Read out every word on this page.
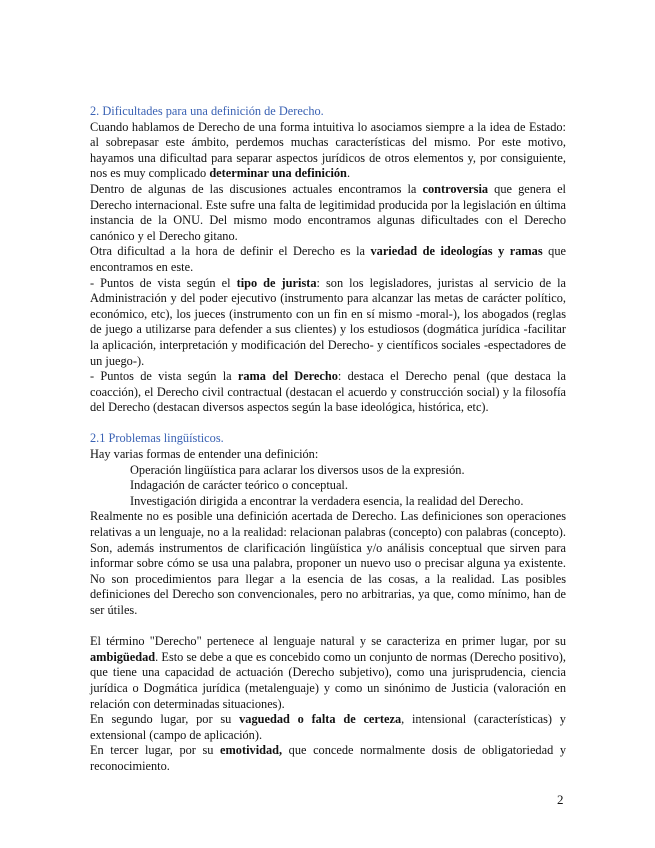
2. Dificultades para una definición de Derecho.

Cuando hablamos de Derecho de una forma intuitiva lo asociamos siempre a la idea de Estado: al sobrepasar este ámbito, perdemos muchas características del mismo. Por este motivo, hayamos una dificultad para separar aspectos jurídicos de otros elementos y, por consiguiente, nos es muy complicado determinar una definición.

Dentro de algunas de las discusiones actuales encontramos la controversia que genera el Derecho internacional. Este sufre una falta de legitimidad producida por la legislación en última instancia de la ONU. Del mismo modo encontramos algunas dificultades con el Derecho canónico y el Derecho gitano.

Otra dificultad a la hora de definir el Derecho es la variedad de ideologías y ramas que encontramos en este.

- Puntos de vista según el tipo de jurista: son los legisladores, juristas al servicio de la Administración y del poder ejecutivo (instrumento para alcanzar las metas de carácter político, económico, etc), los jueces (instrumento con un fin en sí mismo -moral-), los abogados (reglas de juego a utilizarse para defender a sus clientes) y los estudiosos (dogmática jurídica -facilitar la aplicación, interpretación y modificación del Derecho- y científicos sociales -espectadores de un juego-).

- Puntos de vista según la rama del Derecho: destaca el Derecho penal (que destaca la coacción), el Derecho civil contractual (destacan el acuerdo y construcción social) y la filosofía del Derecho (destacan diversos aspectos según la base ideológica, histórica, etc).

2.1 Problemas lingüísticos.

Hay varias formas de entender una definición:

Operación lingüística para aclarar los diversos usos de la expresión.

Indagación de carácter teórico o conceptual.

Investigación dirigida a encontrar la verdadera esencia, la realidad del Derecho.

Realmente no es posible una definición acertada de Derecho. Las definiciones son operaciones relativas a un lenguaje, no a la realidad: relacionan palabras (concepto) con palabras (concepto). Son, además instrumentos de clarificación lingüística y/o análisis conceptual que sirven para informar sobre cómo se usa una palabra, proponer un nuevo uso o precisar alguna ya existente. No son procedimientos para llegar a la esencia de las cosas, a la realidad. Las posibles definiciones del Derecho son convencionales, pero no arbitrarias, ya que, como mínimo, han de ser útiles.

El término "Derecho" pertenece al lenguaje natural y se caracteriza en primer lugar, por su ambigüedad. Esto se debe a que es concebido como un conjunto de normas (Derecho positivo), que tiene una capacidad de actuación (Derecho subjetivo), como una jurisprudencia, ciencia jurídica o Dogmática jurídica (metalenguaje) y como un sinónimo de Justicia (valoración en relación con determinadas situaciones).

En segundo lugar, por su vaguedad o falta de certeza, intensional (características) y extensional (campo de aplicación).

En tercer lugar, por su emotividad, que concede normalmente dosis de obligatoriedad y reconocimiento.

2
